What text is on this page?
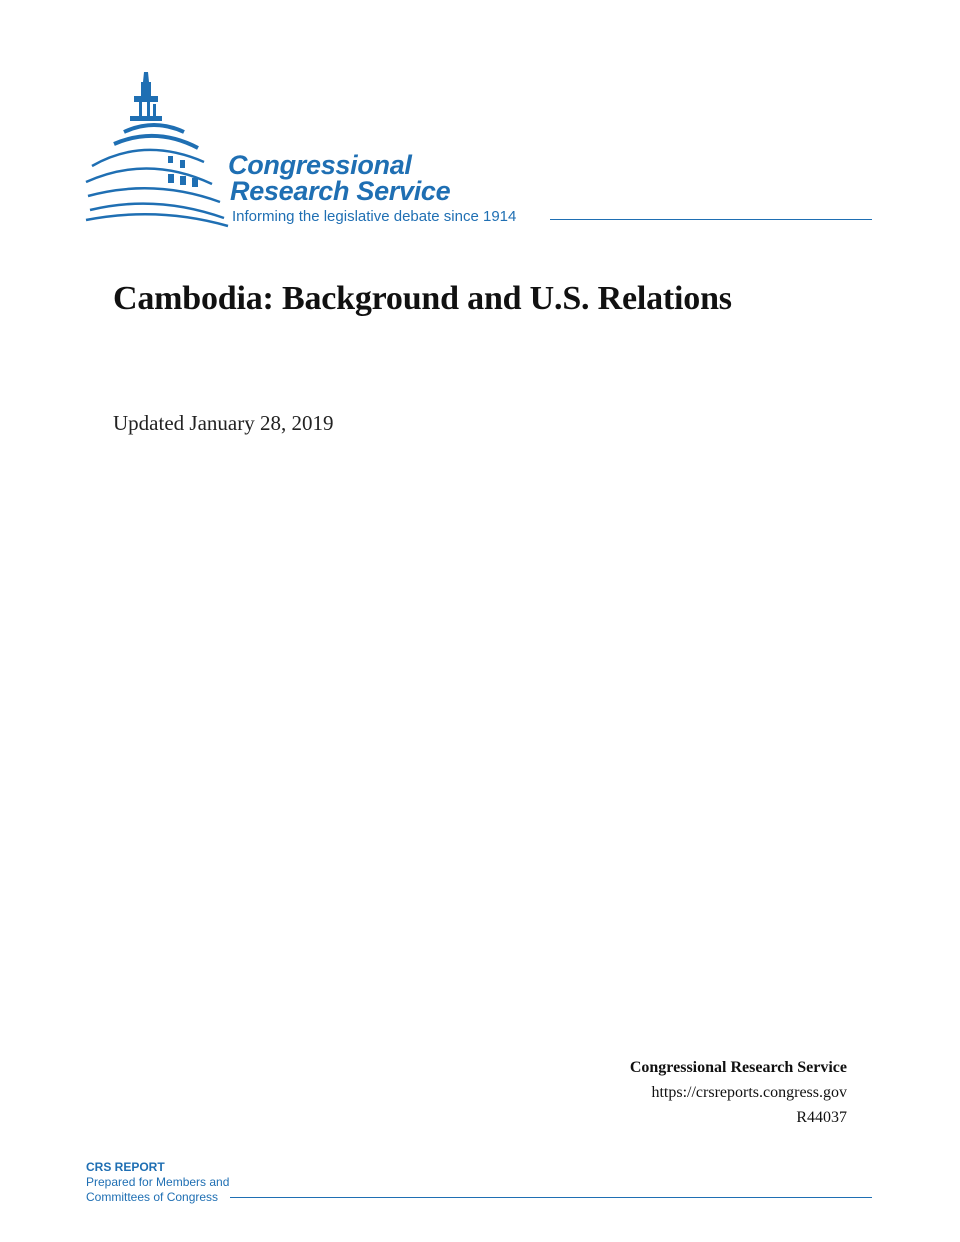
Congressional
Research Service
Informing the legislative debate since 1914
Cambodia: Background and U.S. Relations
Updated January 28, 2019
Congressional Research Service
https://crsreports.congress.gov
R44037
CRS REPORT
Prepared for Members and
Committees of Congress
